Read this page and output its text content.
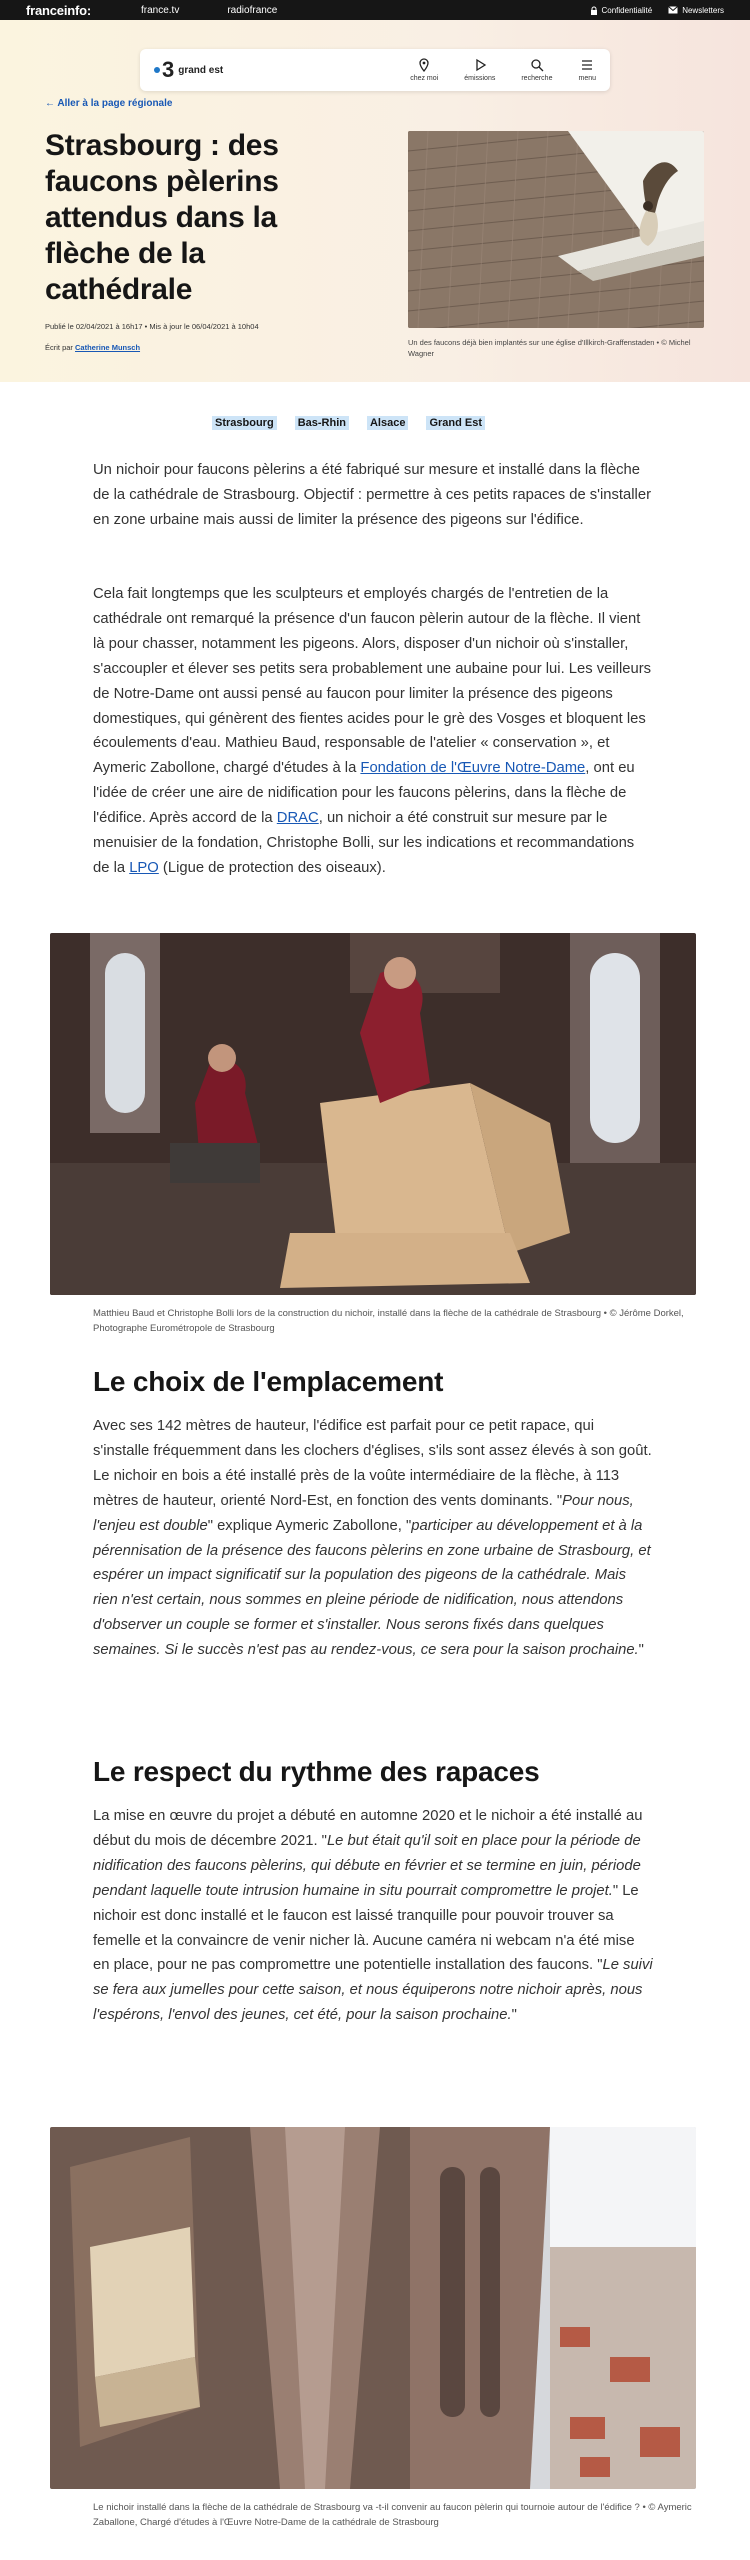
franceinfo:	france.tv	radiofrance	Confidentialité	Newsletters
3 grand est
chez moi	émissions	recherche	menu
← Aller à la page régionale
Strasbourg : des faucons pèlerins attendus dans la flèche de la cathédrale
Publié le 02/04/2021 à 16h17 • Mis à jour le 06/04/2021 à 10h04
Écrit par Catherine Munsch
Un des faucons déjà bien implantés sur une église d'Illkirch-Graffenstaden • © Michel Wagner
Strasbourg Bas-Rhin Alsace Grand Est

Un nichoir pour faucons pèlerins a été fabriqué sur mesure et installé dans la flèche de la cathédrale de Strasbourg. Objectif : permettre à ces petits rapaces de s'installer en zone urbaine mais aussi de limiter la présence des pigeons sur l'édifice.

Cela fait longtemps que les sculpteurs et employés chargés de l'entretien de la cathédrale ont remarqué la présence d'un faucon pèlerin autour de la flèche. Il vient là pour chasser, notamment les pigeons. Alors, disposer d'un nichoir où s'installer, s'accoupler et élever ses petits sera probablement une aubaine pour lui. Les veilleurs de Notre-Dame ont aussi pensé au faucon pour limiter la présence des pigeons domestiques, qui génèrent des fientes acides pour le grè des Vosges et bloquent les écoulements d'eau. Mathieu Baud, responsable de l'atelier « conservation », et Aymeric Zabollone, chargé d'études à la Fondation de l'Œuvre Notre-Dame, ont eu l'idée de créer une aire de nidification pour les faucons pèlerins, dans la flèche de l'édifice. Après accord de la DRAC, un nichoir a été construit sur mesure par le menuisier de la fondation, Christophe Bolli, sur les indications et recommandations de la LPO (Ligue de protection des oiseaux).

Matthieu Baud et Christophe Bolli lors de la construction du nichoir, installé dans la flèche de la cathédrale de Strasbourg • © Jérôme Dorkel, Photographe Eurométropole de Strasbourg
Le choix de l'emplacement

Avec ses 142 mètres de hauteur, l'édifice est parfait pour ce petit rapace, qui s'installe fréquemment dans les clochers d'églises, s'ils sont assez élevés à son goût. Le nichoir en bois a été installé près de la voûte intermédiaire de la flèche, à 113 mètres de hauteur, orienté Nord-Est, en fonction des vents dominants. "Pour nous, l'enjeu est double" explique Aymeric Zabollone, "participer au développement et à la pérennisation de la présence des faucons pèlerins en zone urbaine de Strasbourg, et espérer un impact significatif sur la population des pigeons de la cathédrale. Mais rien n'est certain, nous sommes en pleine période de nidification, nous attendons d'observer un couple se former et s'installer. Nous serons fixés dans quelques semaines. Si le succès n'est pas au rendez-vous, ce sera pour la saison prochaine."

Le respect du rythme des rapaces

La mise en œuvre du projet a débuté en automne 2020 et le nichoir a été installé au début du mois de décembre 2021. "Le but était qu'il soit en place pour la période de nidification des faucons pèlerins, qui débute en février et se termine en juin, période pendant laquelle toute intrusion humaine in situ pourrait compromettre le projet." Le nichoir est donc installé et le faucon est laissé tranquille pour pouvoir trouver sa femelle et la convaincre de venir nicher là. Aucune caméra ni webcam n'a été mise en place, pour ne pas compromettre une potentielle installation des faucons. "Le suivi se fera aux jumelles pour cette saison, et nous équiperons notre nichoir après, nous l'espérons, l'envol des jeunes, cet été, pour la saison prochaine."

Le nichoir installé dans la flèche de la cathédrale de Strasbourg va -t-il convenir au faucon pèlerin qui tournoie autour de l'édifice ? • © Aymeric Zaballone, Chargé d'études à l'Œuvre Notre-Dame de la cathédrale de Strasbourg
